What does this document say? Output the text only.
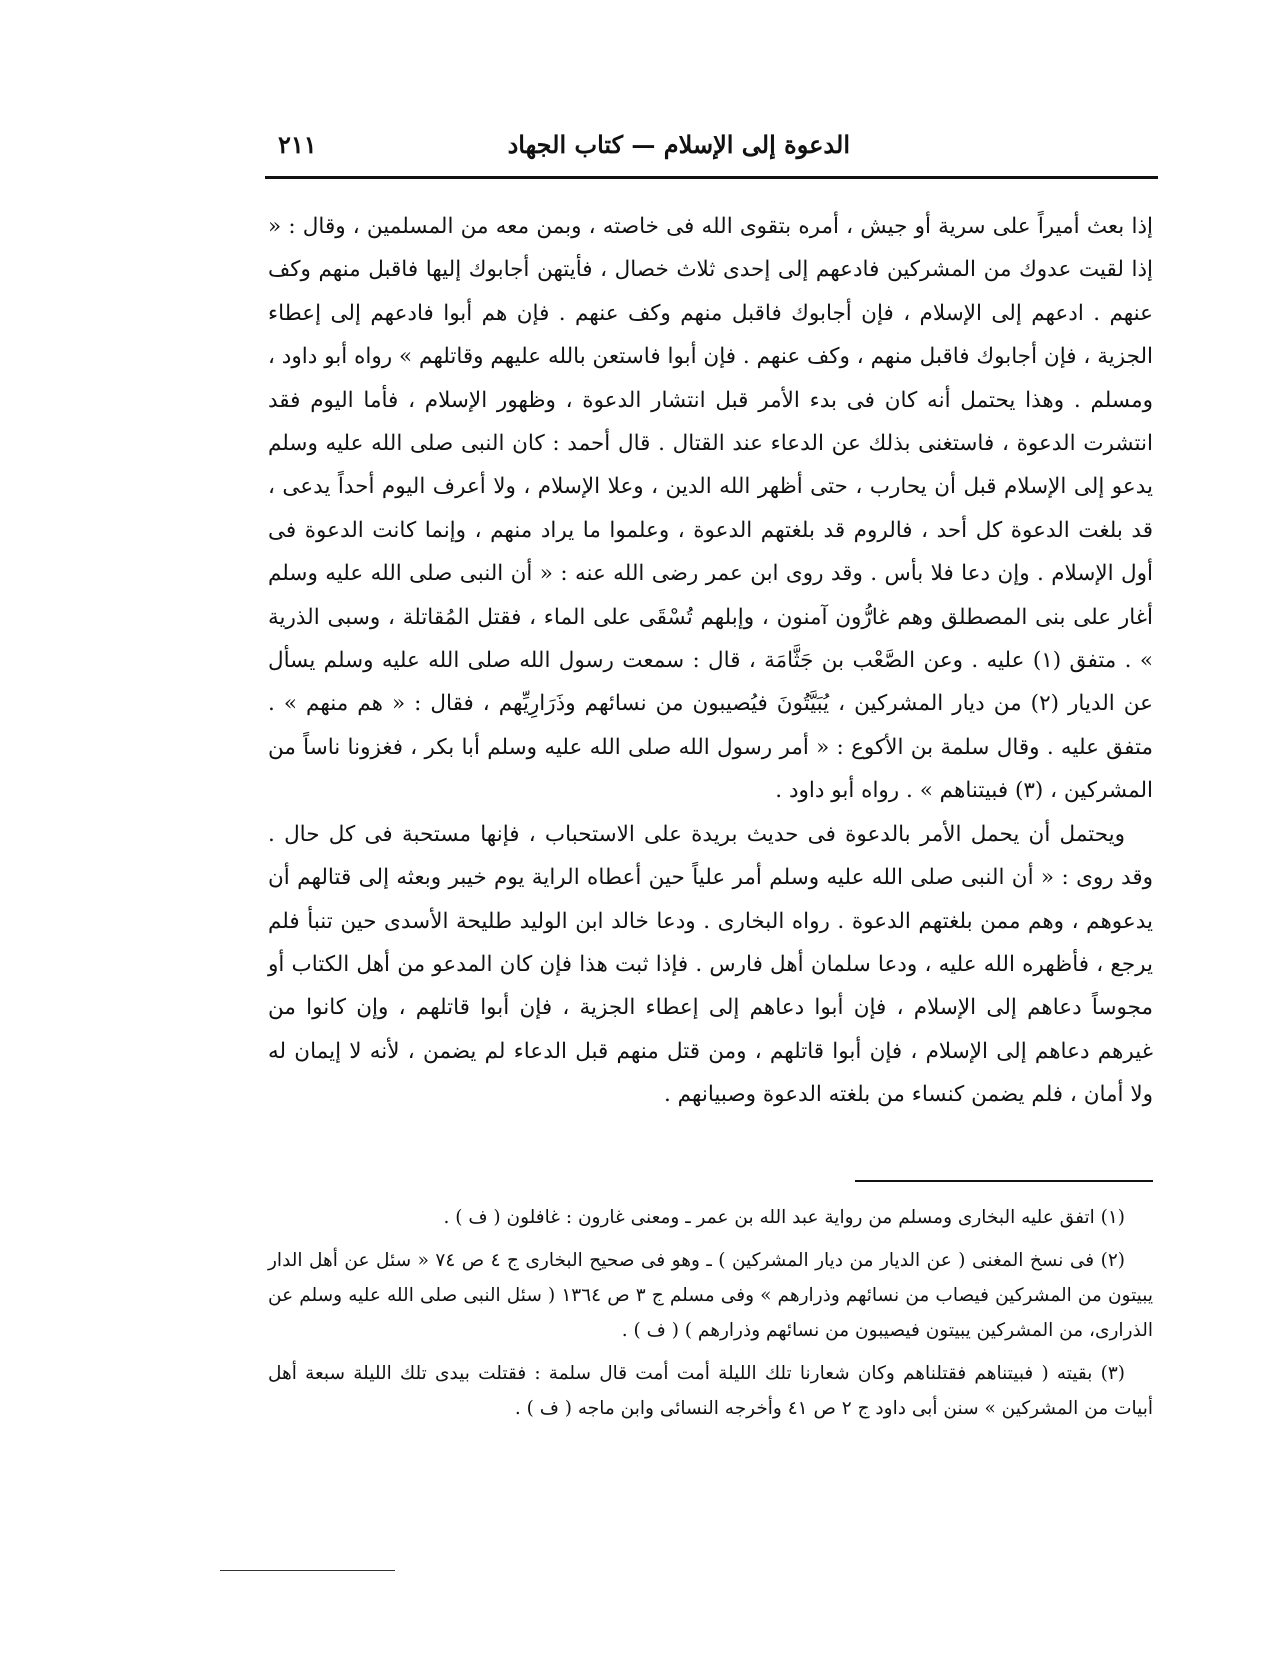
الدعوة إلى الإسلام — كتاب الجهاد
٢١١

إذا بعث أميراً على سرية أو جيش ، أمره بتقوى الله فى خاصته ، وبمن معه من المسلمين ، وقال : « إذا لقيت عدوك من المشركين فادعهم إلى إحدى ثلاث خصال ، فأيتهن أجابوك إليها فاقبل منهم وكف عنهم . ادعهم إلى الإسلام ، فإن أجابوك فاقبل منهم وكف عنهم . فإن هم أبوا فادعهم إلى إعطاء الجزية ، فإن أجابوك فاقبل منهم ، وكف عنهم . فإن أبوا فاستعن بالله عليهم وقاتلهم » رواه أبو داود ، ومسلم . وهذا يحتمل أنه كان فى بدء الأمر قبل انتشار الدعوة ، وظهور الإسلام ، فأما اليوم فقد انتشرت الدعوة ، فاستغنى بذلك عن الدعاء عند القتال . قال أحمد : كان النبى صلى الله عليه وسلم يدعو إلى الإسلام قبل أن يحارب ، حتى أظهر الله الدين ، وعلا الإسلام ، ولا أعرف اليوم أحداً يدعى ، قد بلغت الدعوة كل أحد ، فالروم قد بلغتهم الدعوة ، وعلموا ما يراد منهم ، وإنما كانت الدعوة فى أول الإسلام . وإن دعا فلا بأس . وقد روى ابن عمر رضى الله عنه : « أن النبى صلى الله عليه وسلم أغار على بنى المصطلق وهم غارُّون آمنون ، وإبلهم تُسْقَى على الماء ، فقتل المُقاتلة ، وسبى الذرية » . متفق (١) عليه . وعن الصَّعْب بن جَثَّامَة ، قال : سمعت رسول الله صلى الله عليه وسلم يسأل عن الديار (٢) من ديار المشركين ، يُبَيَّتُونَ فيُصيبون من نسائهم وذَرَارِيِّهم ، فقال : « هم منهم » . متفق عليه . وقال سلمة بن الأكوع : « أمر رسول الله صلى الله عليه وسلم أبا بكر ، فغزونا ناساً من المشركين ، (٣) فبيتناهم » . رواه أبو داود .

ويحتمل أن يحمل الأمر بالدعوة فى حديث بريدة على الاستحباب ، فإنها مستحبة فى كل حال . وقد روى : « أن النبى صلى الله عليه وسلم أمر علياً حين أعطاه الراية يوم خيبر وبعثه إلى قتالهم أن يدعوهم ، وهم ممن بلغتهم الدعوة . رواه البخارى . ودعا خالد ابن الوليد طليحة الأسدى حين تنبأ فلم يرجع ، فأظهره الله عليه ، ودعا سلمان أهل فارس . فإذا ثبت هذا فإن كان المدعو من أهل الكتاب أو مجوساً دعاهم إلى الإسلام ، فإن أبوا دعاهم إلى إعطاء الجزية ، فإن أبوا قاتلهم ، وإن كانوا من غيرهم دعاهم إلى الإسلام ، فإن أبوا قاتلهم ، ومن قتل منهم قبل الدعاء لم يضمن ، لأنه لا إيمان له ولا أمان ، فلم يضمن كنساء من بلغته الدعوة وصبيانهم .

(١) اتفق عليه البخارى ومسلم من رواية عبد الله بن عمر ـ ومعنى غارون : غافلون ( ف ) .

(٢) فى نسخ المغنى ( عن الديار من ديار المشركين ) ـ وهو فى صحيح البخارى ج ٤ ص ٧٤ « سئل عن أهل الدار يبيتون من المشركين فيصاب من نسائهم وذرارهم » وفى مسلم ج ٣ ص ١٣٦٤ ( سئل النبى صلى الله عليه وسلم عن الذرارى، من المشركين يبيتون فيصيبون من نسائهم وذرارهم ) ( ف ) .

(٣) بقيته ( فبيتناهم فقتلناهم وكان شعارنا تلك الليلة أمت أمت قال سلمة : فقتلت بيدى تلك الليلة سبعة أهل أبيات من المشركين » سنن أبى داود ج ٢ ص ٤١ وأخرجه النسائى وابن ماجه ( ف ) .
